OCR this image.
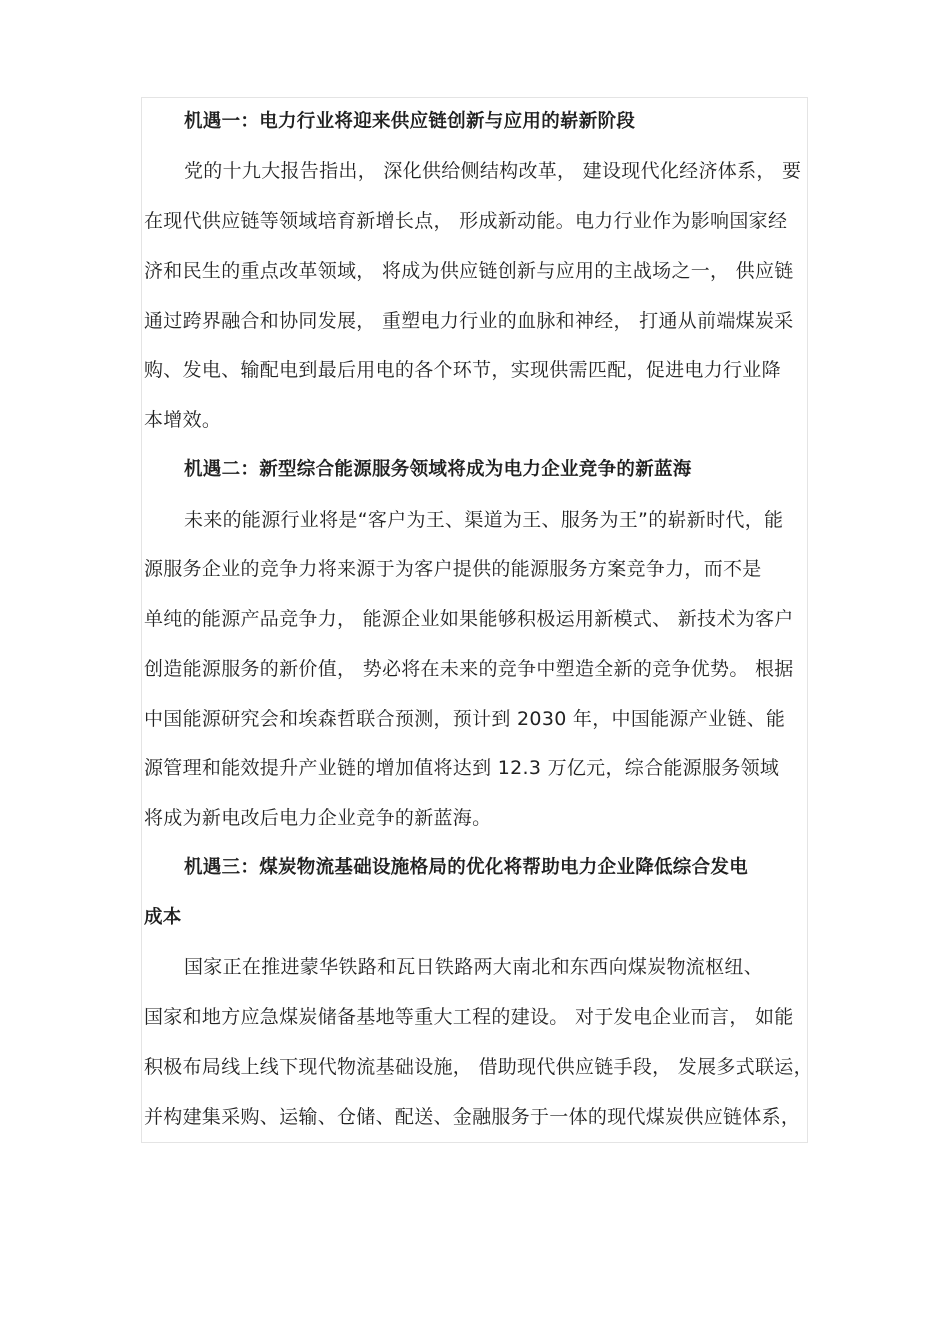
机遇一：电力行业将迎来供应链创新与应用的崭新阶段
党的十九大报告指出， 深化供给侧结构改革， 建设现代化经济体系， 要
在现代供应链等领域培育新增长点， 形成新动能。电力行业作为影响国家经
济和民生的重点改革领域， 将成为供应链创新与应用的主战场之一， 供应链
通过跨界融合和协同发展， 重塑电力行业的血脉和神经， 打通从前端煤炭采
购、发电、输配电到最后用电的各个环节，实现供需匹配，促进电力行业降
本增效。
机遇二：新型综合能源服务领域将成为电力企业竞争的新蓝海
未来的能源行业将是“客户为王、渠道为王、服务为王”的崭新时代，能
源服务企业的竞争力将来源于为客户提供的能源服务方案竞争力，而不是
单纯的能源产品竞争力， 能源企业如果能够积极运用新模式、 新技术为客户
创造能源服务的新价值， 势必将在未来的竞争中塑造全新的竞争优势。 根据
中国能源研究会和埃森哲联合预测，预计到 2030 年，中国能源产业链、能
源管理和能效提升产业链的增加值将达到 12.3 万亿元，综合能源服务领域
将成为新电改后电力企业竞争的新蓝海。
机遇三：煤炭物流基础设施格局的优化将帮助电力企业降低综合发电
成本
国家正在推进蒙华铁路和瓦日铁路两大南北和东西向煤炭物流枢纽、
国家和地方应急煤炭储备基地等重大工程的建设。 对于发电企业而言， 如能
积极布局线上线下现代物流基础设施， 借助现代供应链手段， 发展多式联运，
并构建集采购、运输、仓储、配送、金融服务于一体的现代煤炭供应链体系，
